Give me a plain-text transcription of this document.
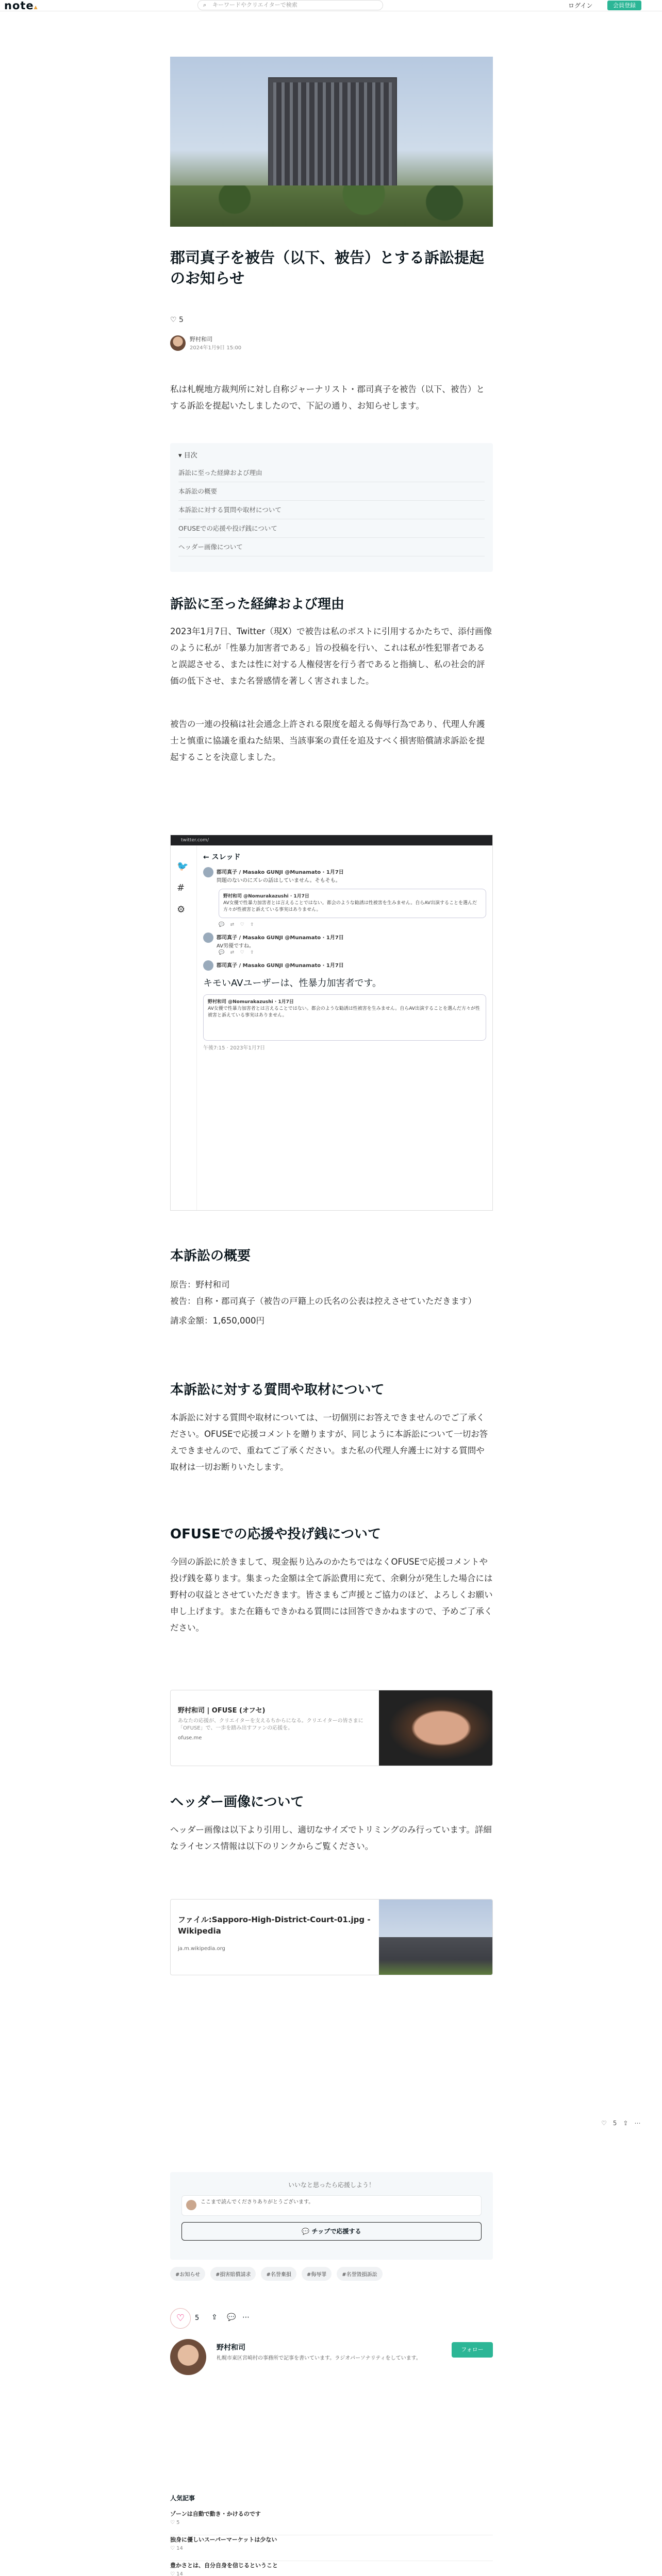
note▴	⌕ キーワードやクリエイターで検索	ログイン	会員登録
郡司真子を被告（以下、被告）とする訴訟提起のお知らせ
♡ 5
野村和司
2024年1月9日 15:00

私は札幌地方裁判所に対し自称ジャーナリスト・郡司真子を被告（以下、被告）とする訴訟を提起いたしましたので、下記の通り、お知らせします。

▾ 目次
訴訟に至った経緯および理由
本訴訟の概要
本訴訟に対する質問や取材について
OFUSEでの応援や投げ銭について
ヘッダー画像について
訴訟に至った経緯および理由

2023年1月7日、Twitter（現X）で被告は私のポストに引用するかたちで、添付画像のように私が「性暴力加害者である」旨の投稿を行い、これは私が性犯罪者であると誤認させる、または性に対する人権侵害を行う者であると指摘し、私の社会的評価の低下させ、また名誉感情を著しく害されました。

被告の一連の投稿は社会通念上許される限度を超える侮辱行為であり、代理人弁護士と慎重に協議を重ねた結果、当該事案の責任を追及すべく損害賠償請求訴訟を提起することを決意しました。

twitter.com/
🐦
#
⚙
← スレッド
郡司真子 / Masako GUNJI @Munamato · 1月7日
問題のないのにズレの話はしていません。そもそも。
野村和司 @Nomurakazushi · 1月7日
AV女優で性暴力加害者とは言えることではない。都会のような勧誘は性被害を生みません。自らAV出演することを選んだ方々が性被害と訴えている事実はありません。
💬    ⇄    ♡    ⇪
郡司真子 / Masako GUNJI @Munamato · 1月7日
AV男優ですね。
💬    ⇄    ♡    ⇪
郡司真子 / Masako GUNJI @Munamato · 1月7日
キモいAVユーザーは、性暴力加害者です。
野村和司 @Nomurakazushi · 1月7日
AV女優で性暴力加害者とは言えることではない。都会のような勧誘は性被害を生みません。自らAV出演することを選んだ方々が性被害と訴えている事実はありません。
午後7:15 · 2023年1月7日
本訴訟の概要

原告：野村和司

被告：自称・郡司真子（被告の戸籍上の氏名の公表は控えさせていただきます）

請求金額：1,650,000円

本訴訟に対する質問や取材について

本訴訟に対する質問や取材については、一切個別にお答えできませんのでご了承ください。OFUSEで応援コメントを贈りますが、同じように本訴訟について一切お答えできませんので、重ねてご了承ください。また私の代理人弁護士に対する質問や取材は一切お断りいたします。

OFUSEでの応援や投げ銭について

今回の訴訟に於きまして、現金振り込みのかたちではなくOFUSEで応援コメントや投げ銭を募ります。集まった金額は全て訴訟費用に充て、余剰分が発生した場合には野村の収益とさせていただきます。皆さまもご声援とご協力のほど、よろしくお願い申し上げます。また在籍もできかねる質問には回答できかねますので、予めご了承ください。

野村和司 | OFUSE (オフセ)
あなたの応援が、クリエイターを支えるちからになる。クリエイターの皆さまに「OFUSE」で、一歩を踏み出すファンの応援を。
ofuse.me
ヘッダー画像について

ヘッダー画像は以下より引用し、適切なサイズでトリミングのみ行っています。詳細なライセンス情報は以下のリンクからご覧ください。

ファイル:Sapporo-High-District-Court-01.jpg - Wikipedia
ja.m.wikipedia.org
♡ 5 ⇪ ⋯
いいなと思ったら応援しよう！
ここまで読んでくださりありがとうございます。
💬 チップで応援する
#お知らせ	#損害賠償請求	#名誉棄損	#侮辱罪	#名誉毀損訴訟
♡	5 ⇪ 💬 ⋯
野村和司
札幌市東区宮崎村の事務所で記事を書いています。ラジオパーソナリティをしています。
フォロー
人気記事
ゾーンは自動で動き・かけるのです
♡ 5
独身に優しいスーパーマーケットは少ない
♡ 14
豊かさとは、自分自身を信じるということ
♡ 14
